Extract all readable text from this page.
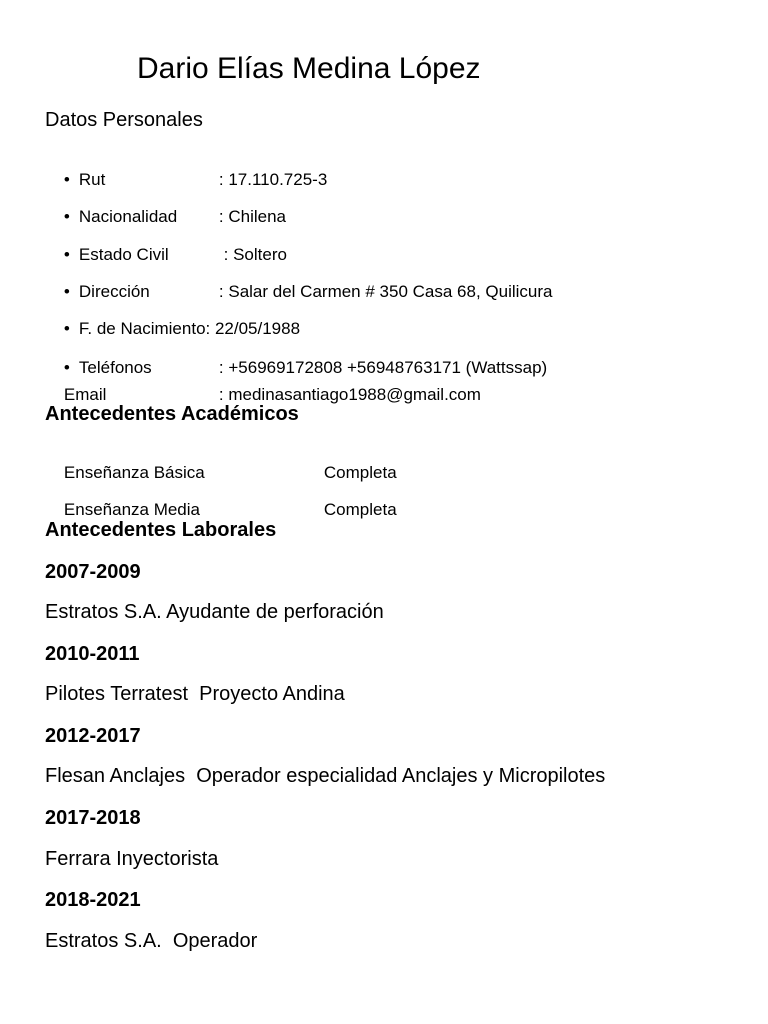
Dario Elías Medina López
Datos Personales

• Rut	: 17.110.725-3

• Nacionalidad : Chilena

• Estado Civil	: Soltero

• Dirección	: Salar del Carmen # 350 Casa 68, Quilicura

• F. de Nacimiento: 22/05/1988

• Teléfonos	: +56969172808 +56948763171 (Wattssap)

Email	: medinasantiago1988@gmail.com

Antecedentes Académicos

Enseñanza Básica	Completa

Enseñanza Media	Completa

Antecedentes Laborales
2007-2009
Estratos S.A. Ayudante de perforación
2010-2011
Pilotes Terratest  Proyecto Andina
2012-2017
Flesan Anclajes  Operador especialidad Anclajes y Micropilotes
2017-2018
Ferrara Inyectorista
2018-2021
Estratos S.A.  Operador
